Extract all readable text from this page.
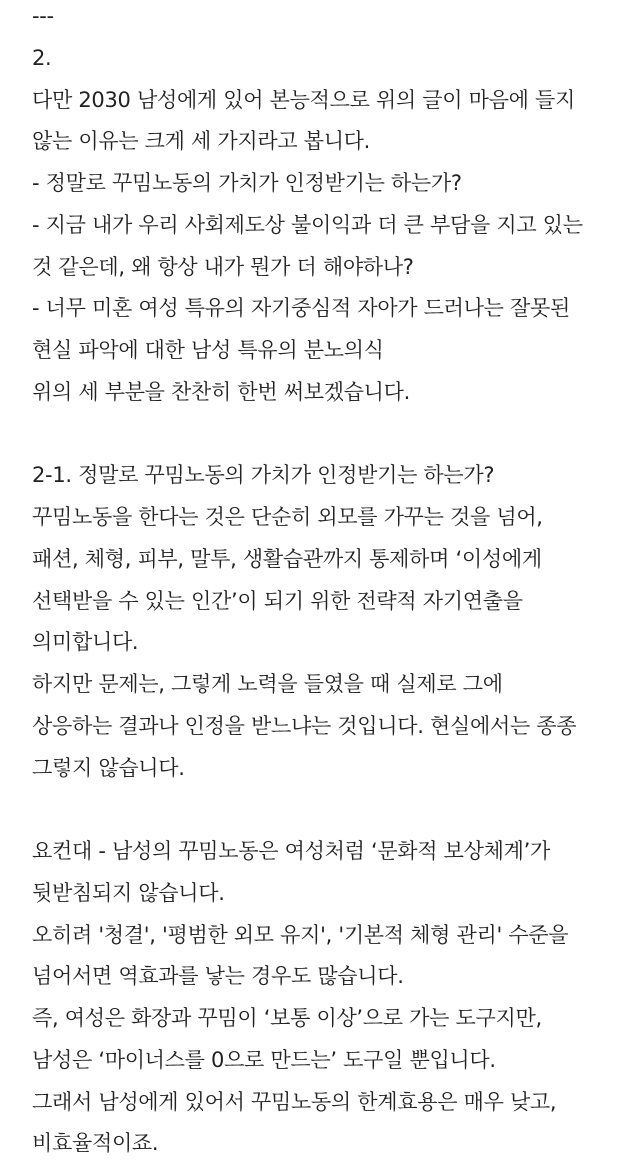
---
2.
다만 2030 남성에게 있어 본능적으로 위의 글이 마음에 들지
않는 이유는 크게 세 가지라고 봅니다.
- 정말로 꾸밈노동의 가치가 인정받기는 하는가?
- 지금 내가 우리 사회제도상 불이익과 더 큰 부담을 지고 있는
것 같은데, 왜 항상 내가 뭔가 더 해야하나?
- 너무 미혼 여성 특유의 자기중심적 자아가 드러나는 잘못된
현실 파악에 대한 남성 특유의 분노의식
위의 세 부분을 찬찬히 한번 써보겠습니다.
2-1. 정말로 꾸밈노동의 가치가 인정받기는 하는가?
꾸밈노동을 한다는 것은 단순히 외모를 가꾸는 것을 넘어,
패션, 체형, 피부, 말투, 생활습관까지 통제하며 ‘이성에게
선택받을 수 있는 인간’이 되기 위한 전략적 자기연출을
의미합니다.
하지만 문제는, 그렇게 노력을 들였을 때 실제로 그에
상응하는 결과나 인정을 받느냐는 것입니다. 현실에서는 종종
그렇지 않습니다.
요컨대 - 남성의 꾸밈노동은 여성처럼 ‘문화적 보상체계’가
뒷받침되지 않습니다.
오히려 '청결', '평범한 외모 유지', '기본적 체형 관리' 수준을
넘어서면 역효과를 낳는 경우도 많습니다.
즉, 여성은 화장과 꾸밈이 ‘보통 이상’으로 가는 도구지만,
남성은 ‘마이너스를 0으로 만드는’ 도구일 뿐입니다.
그래서 남성에게 있어서 꾸밈노동의 한계효용은 매우 낮고,
비효율적이죠.
